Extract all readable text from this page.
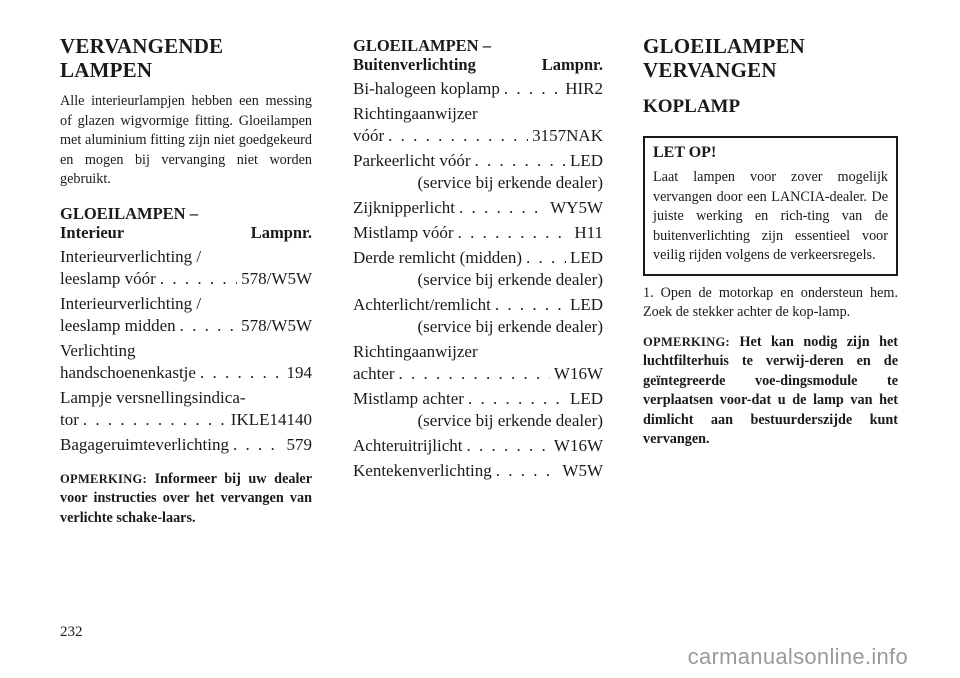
VERVANGENDE LAMPEN

Alle interieurlampjen hebben een messing of glazen wigvormige fitting. Gloeilampen met aluminium fitting zijn niet goedgekeurd en mogen bij vervanging niet worden gebruikt.

GLOEILAMPEN –
Interieur	Lampnr.
Interieurverlichting /
leeslamp vóór . . .	578/W5W
Interieurverlichting /
leeslamp midden . . .	578/W5W
Verlichting
handschoenenkastje . . .	194
Lampje versnellingsindica-
tor . . .	IKLE14140
Bagageruimteverlichting . . .	579

OPMERKING: Informeer bij uw dealer voor instructies over het vervangen van verlichte schake-laars.

GLOEILAMPEN –
Buitenverlichting	Lampnr.
Bi-halogeen koplamp . . .	HIR2
Richtingaanwijzer
vóór . . .	3157NAK
Parkeerlicht vóór . . .	LED
(service bij erkende dealer)
Zijknipperlicht . . .	WY5W
Mistlamp vóór . . .	H11
Derde remlicht (midden) . . .	LED
(service bij erkende dealer)
Achterlicht/remlicht . . .	LED
(service bij erkende dealer)
Richtingaanwijzer
achter . . .	W16W
Mistlamp achter . . .	LED
(service bij erkende dealer)
Achteruitrijlicht . . .	W16W
Kentekenverlichting . . .	W5W
GLOEILAMPEN VERVANGEN
KOPLAMP
LET OP!

Laat lampen voor zover mogelijk vervangen door een LANCIA-dealer. De juiste werking en rich-ting van de buitenverlichting zijn essentieel voor veilig rijden volgens de verkeersregels.

1. Open de motorkap en ondersteun hem. Zoek de stekker achter de kop-lamp.

OPMERKING: Het kan nodig zijn het luchtfilterhuis te verwij-deren en de geïntegreerde voe-dingsmodule te verplaatsen voor-dat u de lamp van het dimlicht aan bestuurderszijde kunt vervangen.

232
carmanualsonline.info
